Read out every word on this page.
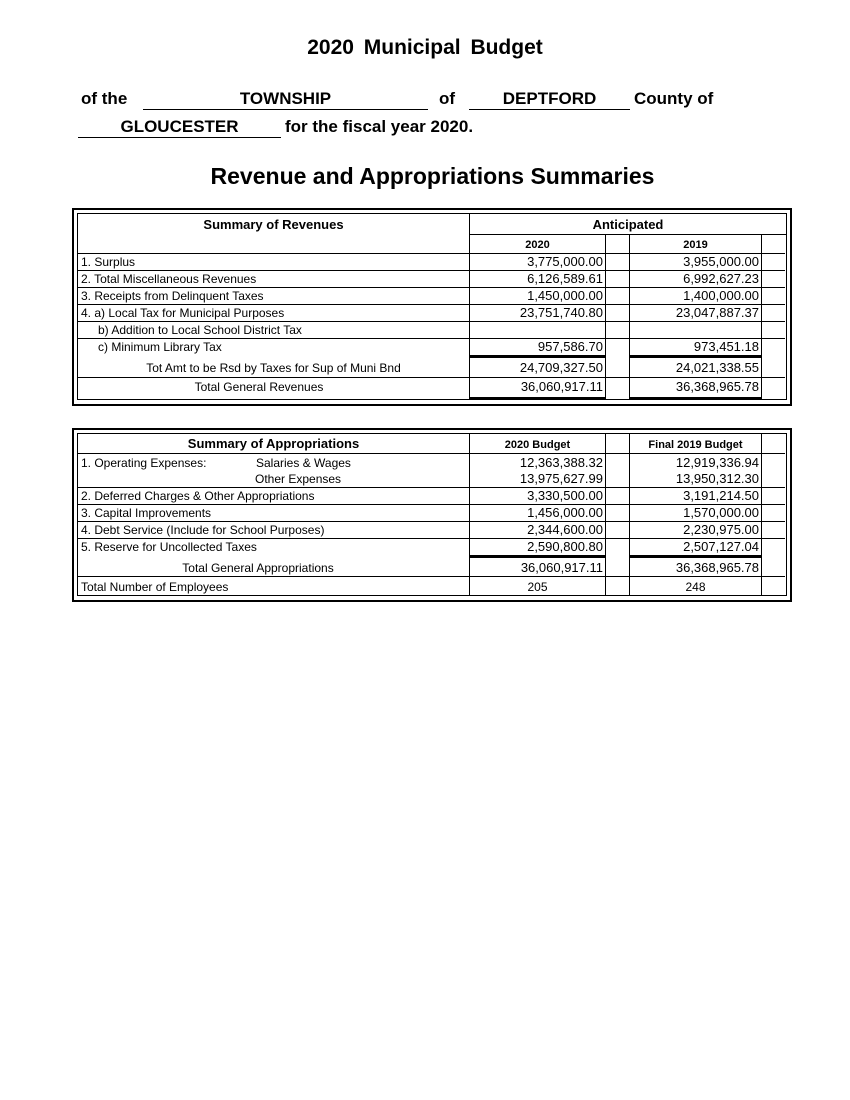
2020 Municipal Budget
of the	TOWNSHIP	of	DEPTFORD	County of
GLOUCESTER	for the fiscal year 2020.
Revenue and Appropriations Summaries
Summary of Revenues	Anticipated
2020	2019
1. Surplus	3,775,000.00	3,955,000.00
2. Total Miscellaneous Revenues	6,126,589.61	6,992,627.23
3. Receipts from Delinquent Taxes	1,450,000.00	1,400,000.00
4. a) Local Tax for Municipal Purposes	23,751,740.80	23,047,887.37
b) Addition to Local School District Tax
c) Minimum Library Tax	957,586.70	973,451.18
Tot Amt to be Rsd by Taxes for Sup of Muni Bnd	24,709,327.50	24,021,338.55
Total General Revenues	36,060,917.11	36,368,965.78
Summary of Appropriations	2020 Budget	Final 2019 Budget
1. Operating Expenses:	Salaries & Wages	12,363,388.32	12,919,336.94
Other Expenses	13,975,627.99	13,950,312.30
2. Deferred Charges & Other Appropriations	3,330,500.00	3,191,214.50
3. Capital Improvements	1,456,000.00	1,570,000.00
4. Debt Service (Include for School Purposes)	2,344,600.00	2,230,975.00
5. Reserve for Uncollected Taxes	2,590,800.80	2,507,127.04
Total General Appropriations	36,060,917.11	36,368,965.78
Total Number of Employees	205	248
